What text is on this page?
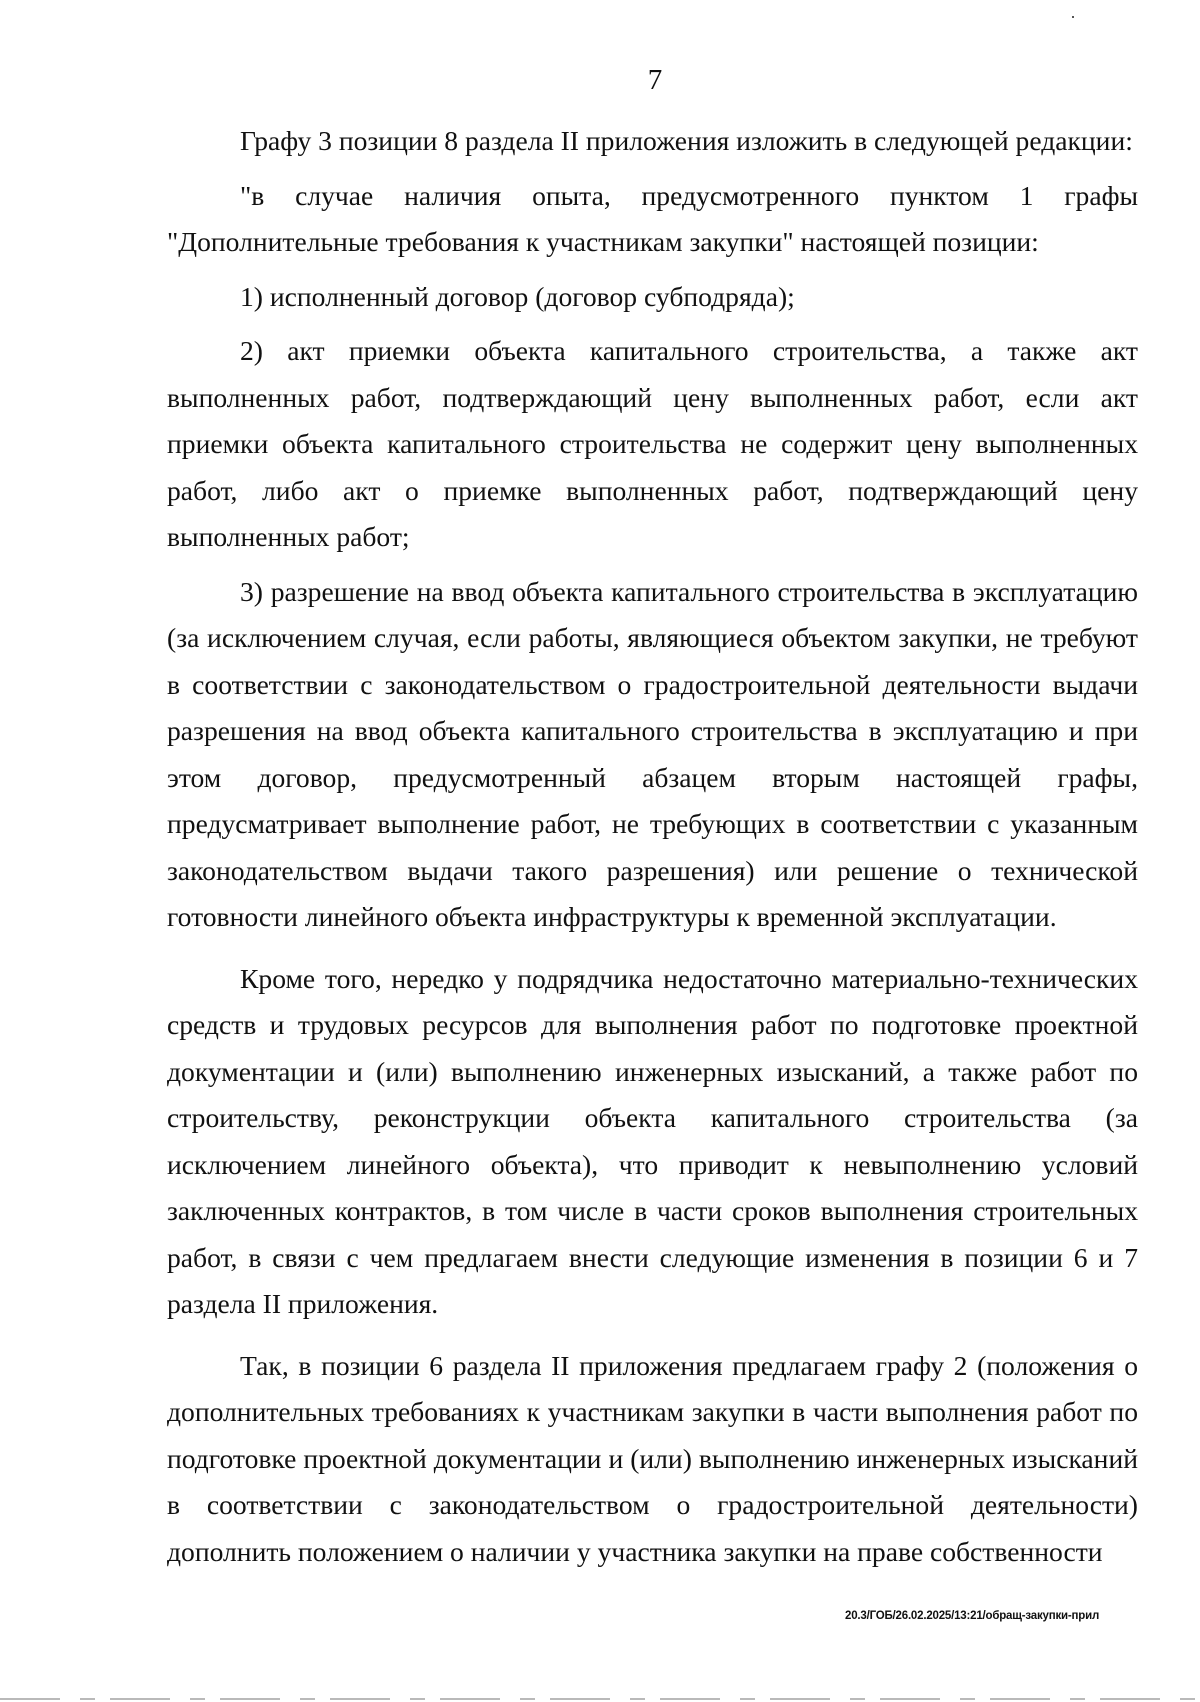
7

Графу 3 позиции 8 раздела II приложения изложить в следующей редакции:

"в случае наличия опыта, предусмотренного пунктом 1 графы "Дополнительные требования к участникам закупки" настоящей позиции:

1) исполненный договор (договор субподряда);

2) акт приемки объекта капитального строительства, а также акт выполненных работ, подтверждающий цену выполненных работ, если акт приемки объекта капитального строительства не содержит цену выполненных работ, либо акт о приемке выполненных работ, подтверждающий цену выполненных работ;

3) разрешение на ввод объекта капитального строительства в эксплуатацию (за исключением случая, если работы, являющиеся объектом закупки, не требуют в соответствии с законодательством о градостроительной деятельности выдачи разрешения на ввод объекта капитального строительства в эксплуатацию и при этом договор, предусмотренный абзацем вторым настоящей графы, предусматривает выполнение работ, не требующих в соответствии с указанным законодательством выдачи такого разрешения) или решение о технической готовности линейного объекта инфраструктуры к временной эксплуатации.

Кроме того, нередко у подрядчика недостаточно материально-технических средств и трудовых ресурсов для выполнения работ по подготовке проектной документации и (или) выполнению инженерных изысканий, а также работ по строительству, реконструкции объекта капитального строительства (за исключением линейного объекта), что приводит к невыполнению условий заключенных контрактов, в том числе в части сроков выполнения строительных работ, в связи с чем предлагаем внести следующие изменения в позиции 6 и 7 раздела II приложения.

Так, в позиции 6 раздела II приложения предлагаем графу 2 (положения о дополнительных требованиях к участникам закупки в части выполнения работ по подготовке проектной документации и (или) выполнению инженерных изысканий в соответствии с законодательством о градостроительной деятельности) дополнить положением о наличии у участника закупки на праве собственности

20.3/ГОБ/26.02.2025/13:21/обращ-закупки-прил
